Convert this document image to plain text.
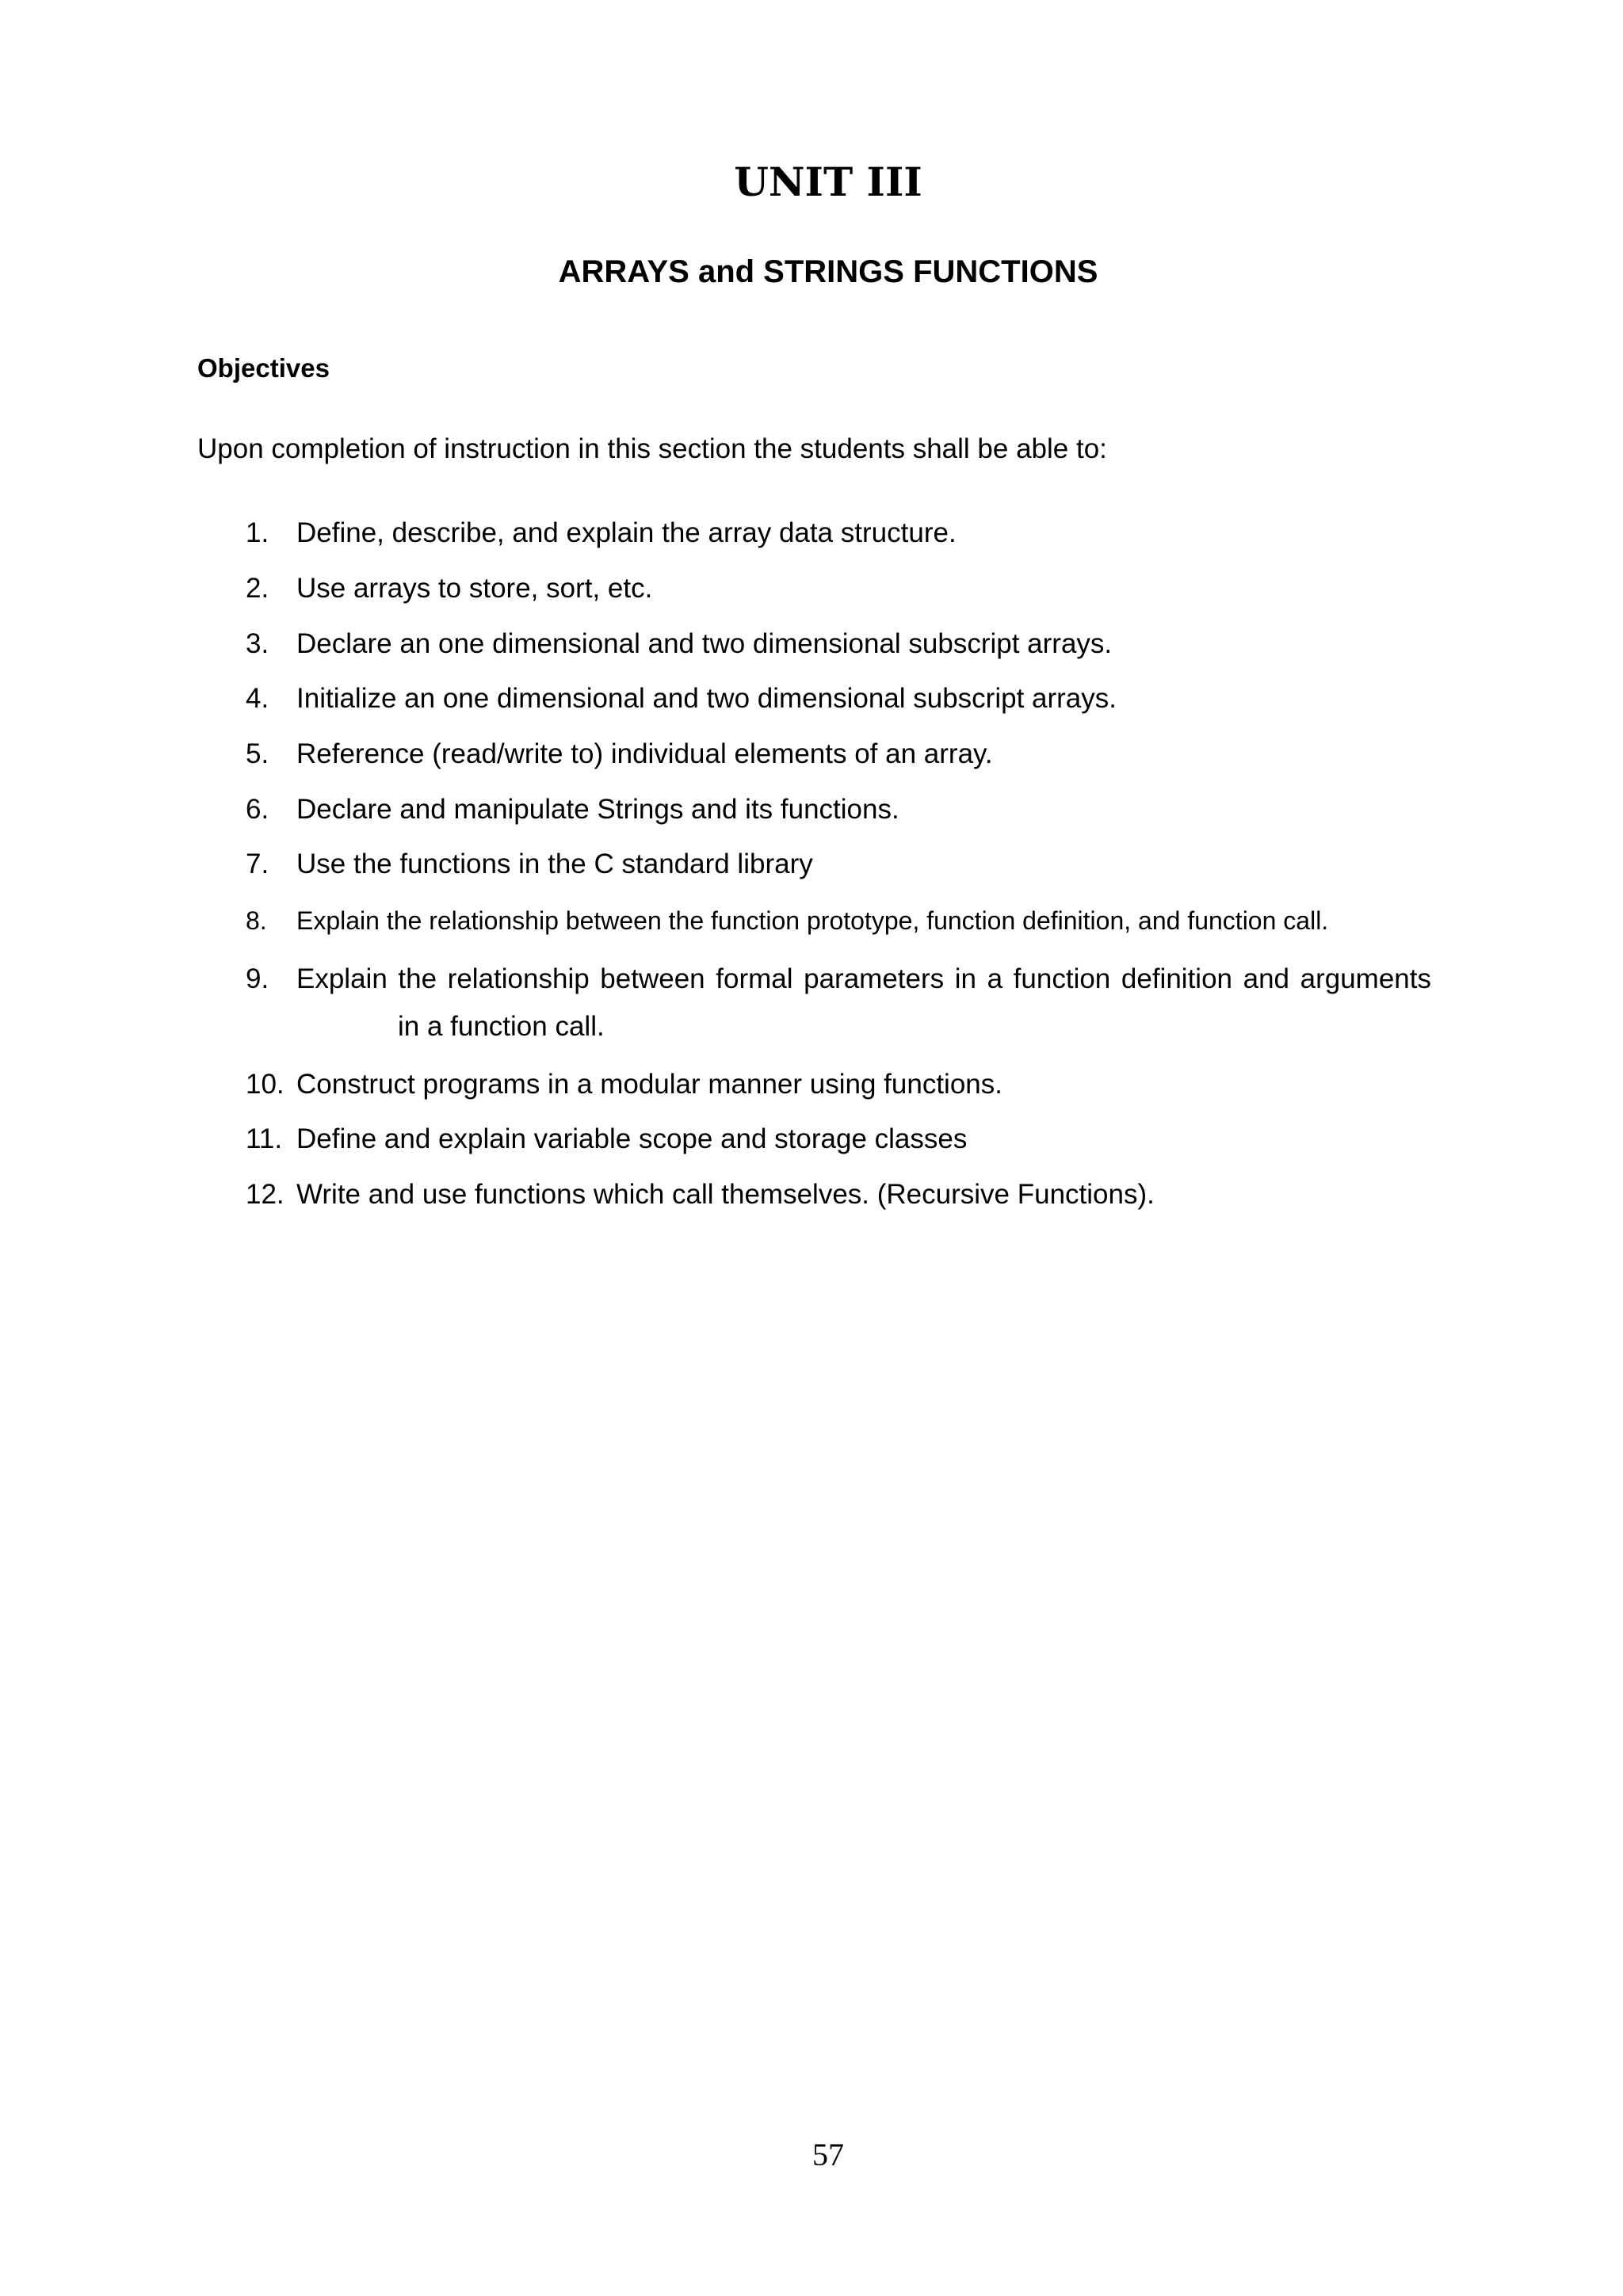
UNIT III
ARRAYS and STRINGS FUNCTIONS
Objectives

Upon completion of instruction in this section the students shall be able to:

1. Define, describe, and explain the array data structure.
2. Use arrays to store, sort, etc.
3. Declare an one dimensional and two dimensional subscript arrays.
4. Initialize an one dimensional and two dimensional subscript arrays.
5. Reference (read/write to) individual elements of an array.
6. Declare and manipulate Strings and its functions.
7. Use the functions in the C standard library
8. Explain the relationship between the function prototype, function definition, and function call.
9. Explain the relationship between formal parameters in a function definition and arguments
10. Construct programs in a modular manner using functions.
11. Define and explain variable scope and storage classes
12. Write and use functions which call themselves. (Recursive Functions).
in a function call.

57
